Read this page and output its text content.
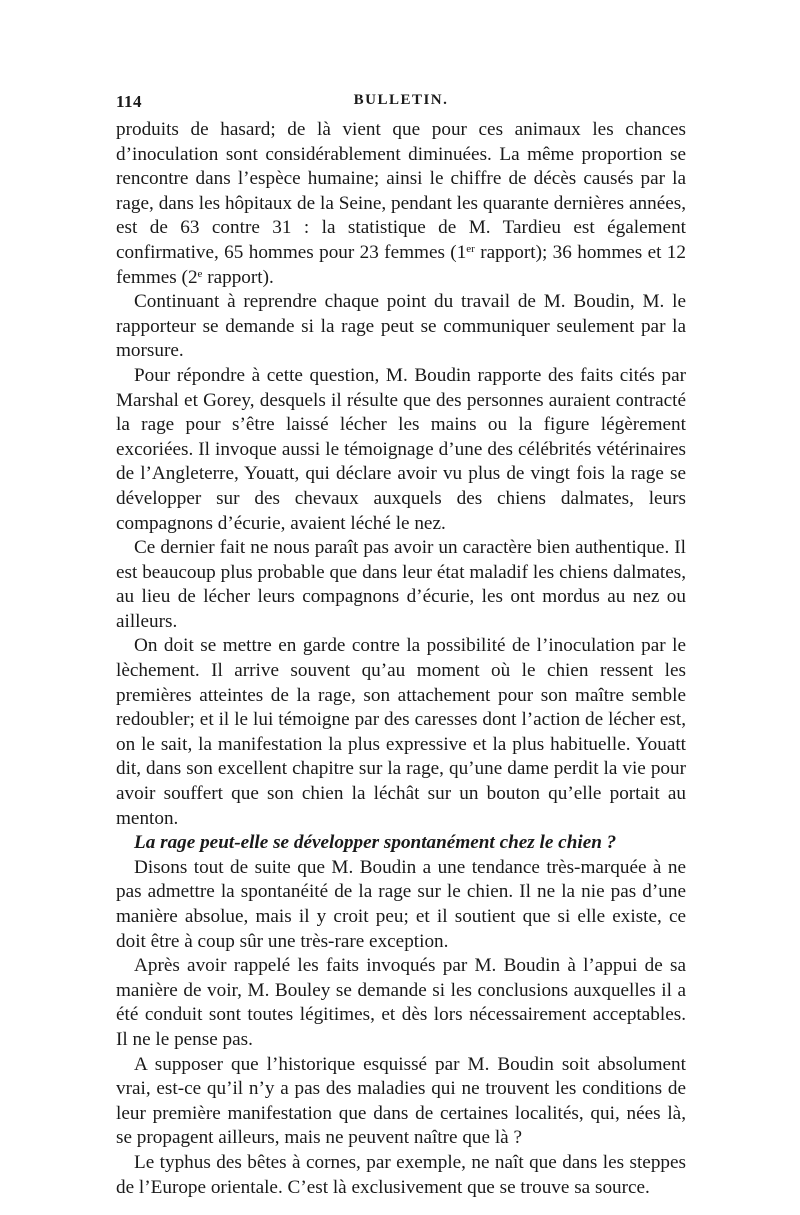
114	BULLETIN.

produits de hasard; de là vient que pour ces animaux les chances d’inoculation sont considérablement diminuées. La même proportion se rencontre dans l’espèce humaine; ainsi le chiffre de décès causés par la rage, dans les hôpitaux de la Seine, pendant les quarante dernières années, est de 63 contre 31 : la statistique de M. Tardieu est également confirmative, 65 hommes pour 23 femmes (1er rapport); 36 hommes et 12 femmes (2e rapport).

Continuant à reprendre chaque point du travail de M. Boudin, M. le rapporteur se demande si la rage peut se communiquer seulement par la morsure.

Pour répondre à cette question, M. Boudin rapporte des faits cités par Marshal et Gorey, desquels il résulte que des personnes auraient contracté la rage pour s’être laissé lécher les mains ou la figure légèrement excoriées. Il invoque aussi le témoignage d’une des célébrités vétérinaires de l’Angleterre, Youatt, qui déclare avoir vu plus de vingt fois la rage se développer sur des chevaux auxquels des chiens dalmates, leurs compagnons d’écurie, avaient léché le nez.

Ce dernier fait ne nous paraît pas avoir un caractère bien authentique. Il est beaucoup plus probable que dans leur état maladif les chiens dalmates, au lieu de lécher leurs compagnons d’écurie, les ont mordus au nez ou ailleurs.

On doit se mettre en garde contre la possibilité de l’inoculation par le lèchement. Il arrive souvent qu’au moment où le chien ressent les premières atteintes de la rage, son attachement pour son maître semble redoubler; et il le lui témoigne par des caresses dont l’action de lécher est, on le sait, la manifestation la plus expressive et la plus habituelle. Youatt dit, dans son excellent chapitre sur la rage, qu’une dame perdit la vie pour avoir souffert que son chien la léchât sur un bouton qu’elle portait au menton.

La rage peut-elle se développer spontanément chez le chien ?

Disons tout de suite que M. Boudin a une tendance très-marquée à ne pas admettre la spontanéité de la rage sur le chien. Il ne la nie pas d’une manière absolue, mais il y croit peu; et il soutient que si elle existe, ce doit être à coup sûr une très-rare exception.

Après avoir rappelé les faits invoqués par M. Boudin à l’appui de sa manière de voir, M. Bouley se demande si les conclusions auxquelles il a été conduit sont toutes légitimes, et dès lors nécessairement acceptables. Il ne le pense pas.

A supposer que l’historique esquissé par M. Boudin soit absolument vrai, est-ce qu’il n’y a pas des maladies qui ne trouvent les conditions de leur première manifestation que dans de certaines localités, qui, nées là, se propagent ailleurs, mais ne peuvent naître que là ?

Le typhus des bêtes à cornes, par exemple, ne naît que dans les steppes de l’Europe orientale. C’est là exclusivement que se trouve sa source.
